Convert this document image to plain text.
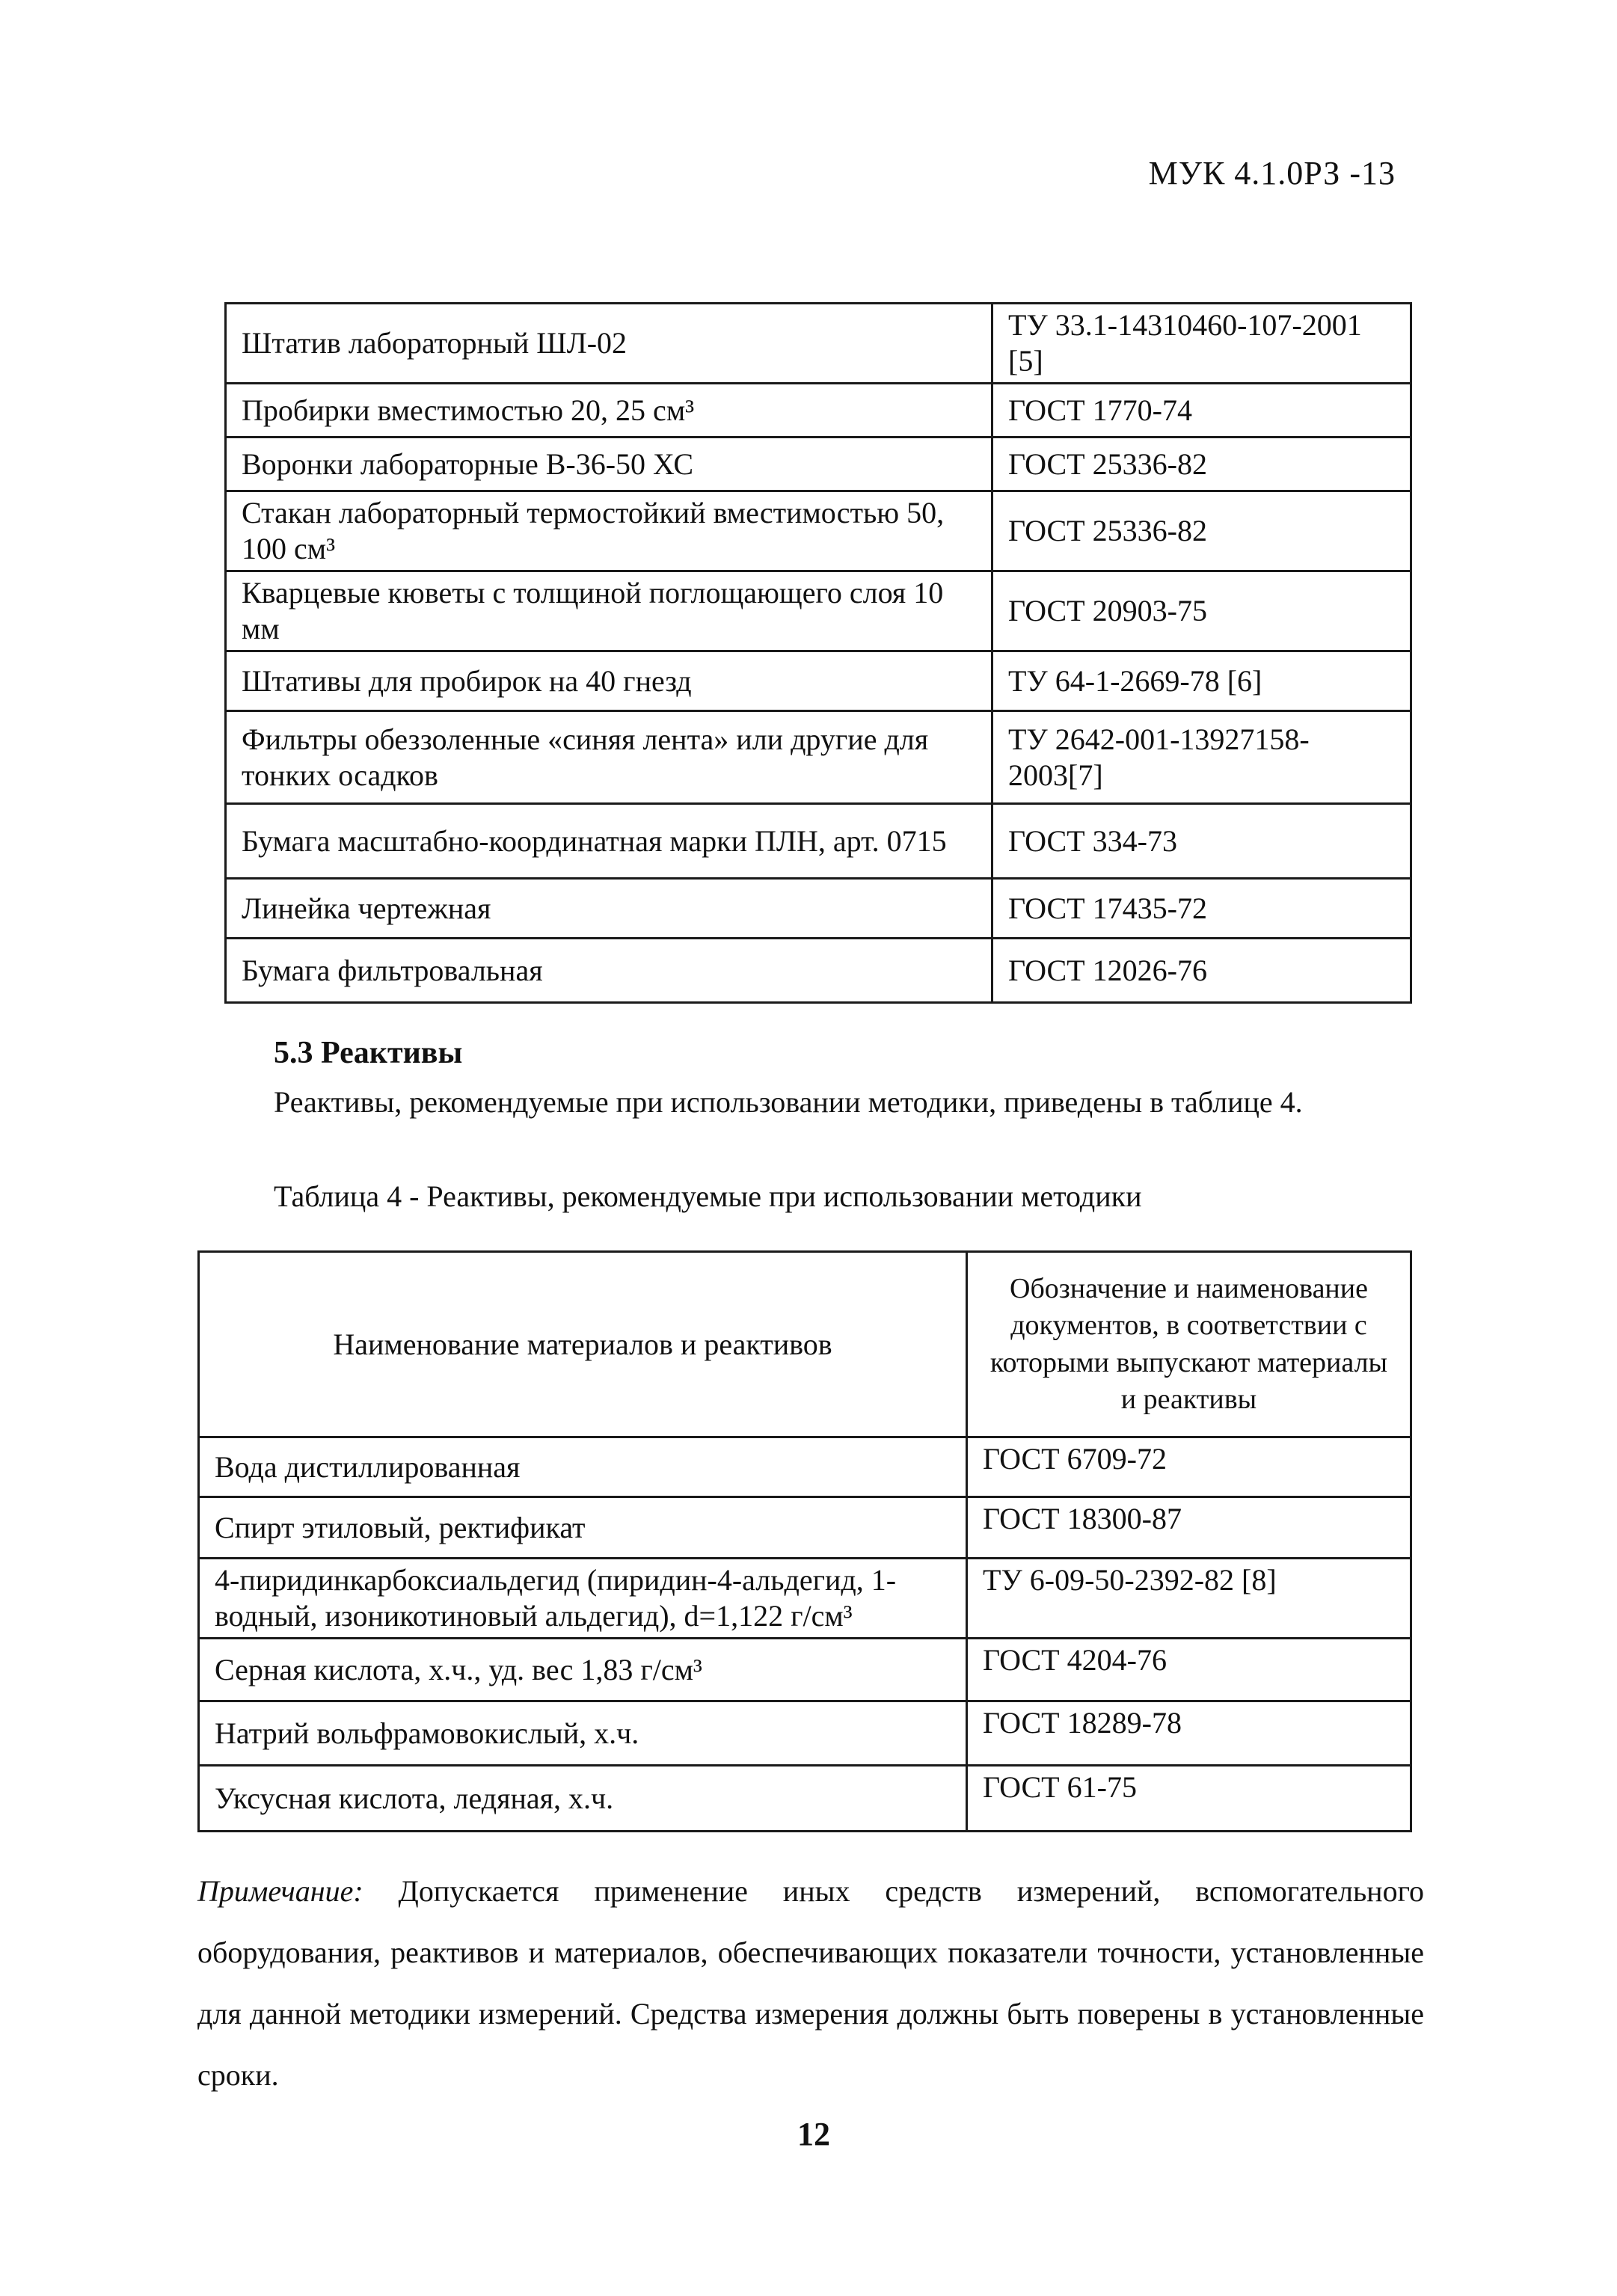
МУК 4.1.0РЗ -13
Штатив лабораторный ШЛ-02	ТУ 33.1-14310460-107-2001 [5]
Пробирки вместимостью 20, 25 см³	ГОСТ 1770-74
Воронки лабораторные В-36-50 ХС	ГОСТ 25336-82
Стакан лабораторный термостойкий вместимостью 50, 100 см³	ГОСТ 25336-82
Кварцевые кюветы с толщиной поглощающего слоя 10 мм	ГОСТ 20903-75
Штативы для пробирок на 40 гнезд	ТУ 64-1-2669-78 [6]
Фильтры обеззоленные «синяя лента» или другие для тонких осадков	ТУ 2642-001-13927158-2003[7]
Бумага масштабно-координатная марки ПЛН, арт. 0715	ГОСТ 334-73
Линейка чертежная	ГОСТ 17435-72
Бумага фильтровальная	ГОСТ 12026-76
5.3 Реактивы
Реактивы, рекомендуемые при использовании методики, приведены в таблице 4.
Таблица 4 - Реактивы, рекомендуемые при использовании методики
Наименование материалов и реактивов	Обозначение и наименование документов, в соответствии с которыми выпускают материалы и реактивы
Вода дистиллированная	ГОСТ 6709-72
Спирт этиловый, ректификат	ГОСТ 18300-87
4-пиридинкарбоксиальдегид (пиридин-4-альдегид, 1-водный, изоникотиновый альдегид), d=1,122 г/см³	ТУ 6-09-50-2392-82 [8]
Серная кислота, х.ч., уд. вес 1,83 г/см³	ГОСТ 4204-76
Натрий вольфрамовокислый, х.ч.	ГОСТ 18289-78
Уксусная кислота, ледяная, х.ч.	ГОСТ 61-75
Примечание: Допускается применение иных средств измерений, вспомогательного оборудования, реактивов и материалов, обеспечивающих показатели точности, установленные для данной методики измерений. Средства измерения должны быть поверены в установленные сроки.
12
